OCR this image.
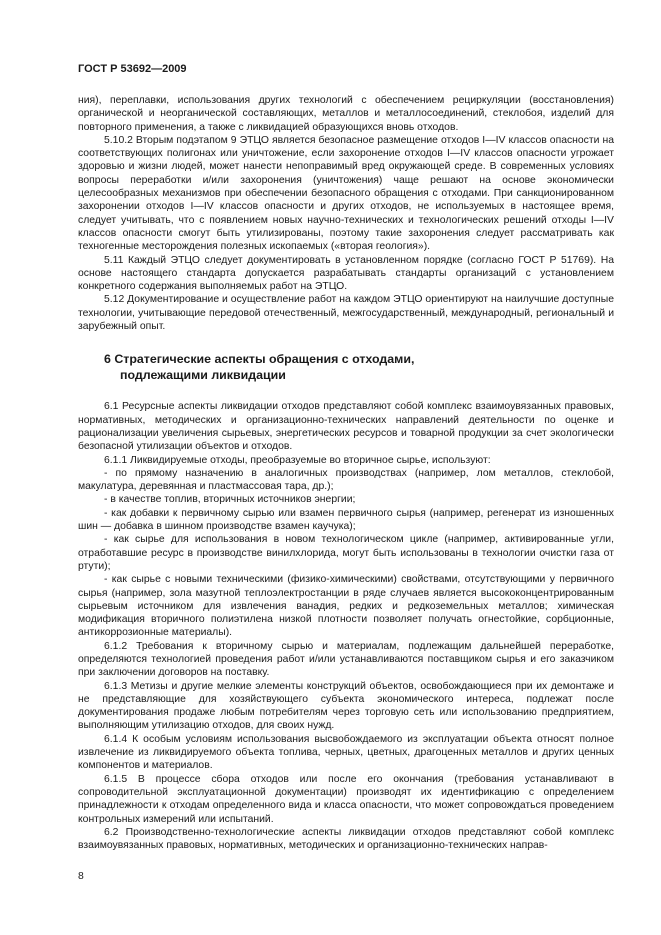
ГОСТ Р 53692—2009

ния), переплавки, использования других технологий с обеспечением рециркуляции (восстановления) органической и неорганической составляющих, металлов и металлосоединений, стеклобоя, изделий для повторного применения, а также с ликвидацией образующихся вновь отходов.

5.10.2 Вторым подэтапом 9 ЭТЦО является безопасное размещение отходов I—IV классов опасности на соответствующих полигонах или уничтожение, если захоронение отходов I—IV классов опасности угрожает здоровью и жизни людей, может нанести непоправимый вред окружающей среде. В современных условиях вопросы переработки и/или захоронения (уничтожения) чаще решают на основе экономически целесообразных механизмов при обеспечении безопасного обращения с отходами. При санкционированном захоронении отходов I—IV классов опасности и других отходов, не используемых в настоящее время, следует учитывать, что с появлением новых научно-технических и технологических решений отходы I—IV классов опасности смогут быть утилизированы, поэтому такие захоронения следует рассматривать как техногенные месторождения полезных ископаемых («вторая геология»).

5.11 Каждый ЭТЦО следует документировать в установленном порядке (согласно ГОСТ Р 51769). На основе настоящего стандарта допускается разрабатывать стандарты организаций с установлением конкретного содержания выполняемых работ на ЭТЦО.

5.12 Документирование и осуществление работ на каждом ЭТЦО ориентируют на наилучшие доступные технологии, учитывающие передовой отечественный, межгосударственный, международный, региональный и зарубежный опыт.

6 Стратегические аспекты обращения с отходами,
подлежащими ликвидации

6.1 Ресурсные аспекты ликвидации отходов представляют собой комплекс взаимоувязанных правовых, нормативных, методических и организационно-технических направлений деятельности по оценке и рационализации увеличения сырьевых, энергетических ресурсов и товарной продукции за счет экологически безопасной утилизации объектов и отходов.

6.1.1 Ликвидируемые отходы, преобразуемые во вторичное сырье, используют:

- по прямому назначению в аналогичных производствах (например, лом металлов, стеклобой, макулатура, деревянная и пластмассовая тара, др.);

- в качестве топлив, вторичных источников энергии;

- как добавки к первичному сырью или взамен первичного сырья (например, регенерат из изношенных шин — добавка в шинном производстве взамен каучука);

- как сырье для использования в новом технологическом цикле (например, активированные угли, отработавшие ресурс в производстве винилхлорида, могут быть использованы в технологии очистки газа от ртути);

- как сырье с новыми техническими (физико-химическими) свойствами, отсутствующими у первичного сырья (например, зола мазутной теплоэлектростанции в ряде случаев является высококонцентрированным сырьевым источником для извлечения ванадия, редких и редкоземельных металлов; химическая модификация вторичного полиэтилена низкой плотности позволяет получать огнестойкие, сорбционные, антикоррозионные материалы).

6.1.2 Требования к вторичному сырью и материалам, подлежащим дальнейшей переработке, определяются технологией проведения работ и/или устанавливаются поставщиком сырья и его заказчиком при заключении договоров на поставку.

6.1.3 Метизы и другие мелкие элементы конструкций объектов, освобождающиеся при их демонтаже и не представляющие для хозяйствующего субъекта экономического интереса, подлежат после документирования продаже любым потребителям через торговую сеть или использованию предприятием, выполняющим утилизацию отходов, для своих нужд.

6.1.4 К особым условиям использования высвобождаемого из эксплуатации объекта относят полное извлечение из ликвидируемого объекта топлива, черных, цветных, драгоценных металлов и других ценных компонентов и материалов.

6.1.5 В процессе сбора отходов или после его окончания (требования устанавливают в сопроводительной эксплуатационной документации) производят их идентификацию с определением принадлежности к отходам определенного вида и класса опасности, что может сопровождаться проведением контрольных измерений или испытаний.

6.2 Производственно-технологические аспекты ликвидации отходов представляют собой комплекс взаимоувязанных правовых, нормативных, методических и организационно-технических направ-

8
